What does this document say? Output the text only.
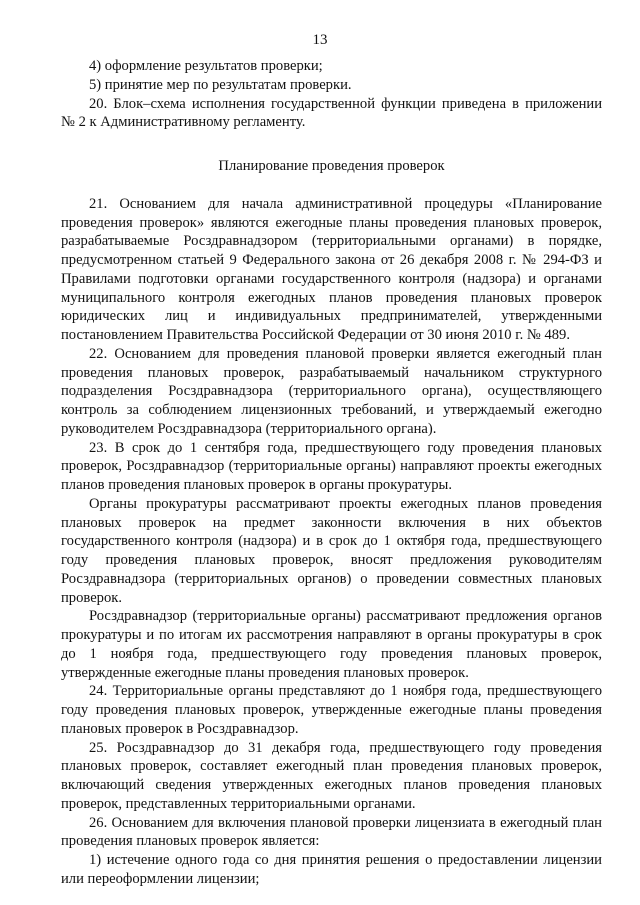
13

4) оформление результатов проверки;

5) принятие мер по результатам проверки.

20. Блок–схема исполнения государственной функции приведена в приложении № 2 к Административному регламенту.

Планирование проведения проверок

21. Основанием для начала административной процедуры «Планирование проведения проверок» являются ежегодные планы проведения плановых проверок, разрабатываемые Росздравнадзором (территориальными органами) в порядке, предусмотренном статьей 9 Федерального закона от 26 декабря 2008 г. № 294-ФЗ и Правилами подготовки органами государственного контроля (надзора) и органами муниципального контроля ежегодных планов проведения плановых проверок юридических лиц и индивидуальных предпринимателей, утвержденными постановлением Правительства Российской Федерации от 30 июня 2010 г. № 489.

22. Основанием для проведения плановой проверки является ежегодный план проведения плановых проверок, разрабатываемый начальником структурного подразделения Росздравнадзора (территориального органа), осуществляющего контроль за соблюдением лицензионных требований, и утверждаемый ежегодно руководителем Росздравнадзора (территориального органа).

23. В срок до 1 сентября года, предшествующего году проведения плановых проверок, Росздравнадзор (территориальные органы) направляют проекты ежегодных планов проведения плановых проверок в органы прокуратуры.

Органы прокуратуры рассматривают проекты ежегодных планов проведения плановых проверок на предмет законности включения в них объектов государственного контроля (надзора) и в срок до 1 октября года, предшествующего году проведения плановых проверок, вносят предложения руководителям Росздравнадзора (территориальных органов) о проведении совместных плановых проверок.

Росздравнадзор (территориальные органы) рассматривают предложения органов прокуратуры и по итогам их рассмотрения направляют в органы прокуратуры в срок до 1 ноября года, предшествующего году проведения плановых проверок, утвержденные ежегодные планы проведения плановых проверок.

24. Территориальные органы представляют до 1 ноября года, предшествующего году проведения плановых проверок, утвержденные ежегодные планы проведения плановых проверок в Росздравнадзор.

25. Росздравнадзор до 31 декабря года, предшествующего году проведения плановых проверок, составляет ежегодный план проведения плановых проверок, включающий сведения утвержденных ежегодных планов проведения плановых проверок, представленных территориальными органами.

26. Основанием для включения плановой проверки лицензиата в ежегодный план проведения плановых проверок является:

1) истечение одного года со дня принятия решения о предоставлении лицензии или переоформлении лицензии;
